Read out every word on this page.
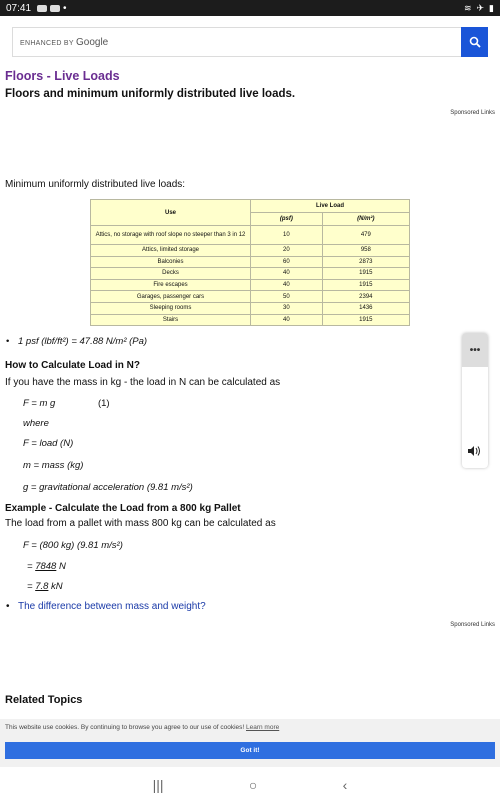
07:41	•	≋ ✈ ▮
ENHANCED BY Google
Floors - Live Loads
Floors and minimum uniformly distributed live loads.
Sponsored Links
Minimum uniformly distributed live loads:
Use	Live Load	
	(psf)	(N/m²)
Attics, no storage with roof slope no steeper than 3 in 12	10	479
Attics, limited storage	20	958
Balconies	60	2873
Decks	40	1915
Fire escapes	40	1915
Garages, passenger cars	50	2394
Sleeping rooms	30	1436
Stairs	40	1915
• 1 psf (lbf/ft²) = 47.88 N/m² (Pa)
How to Calculate Load in N?
If you have the mass in kg - the load in N can be calculated as
F = m g	(1)
where
F = load (N)
m = mass (kg)
g = gravitational acceleration (9.81 m/s²)
Example - Calculate the Load from a 800 kg Pallet
The load from a pallet with mass 800 kg can be calculated as
F = (800 kg) (9.81 m/s²)
= 7848 N
= 7.8 kN
• The difference between mass and weight?
Sponsored Links
Related Topics
This website use cookies. By continuing to browse you agree to our use of cookies! Learn more
Got it!
•••
|||	○	‹
